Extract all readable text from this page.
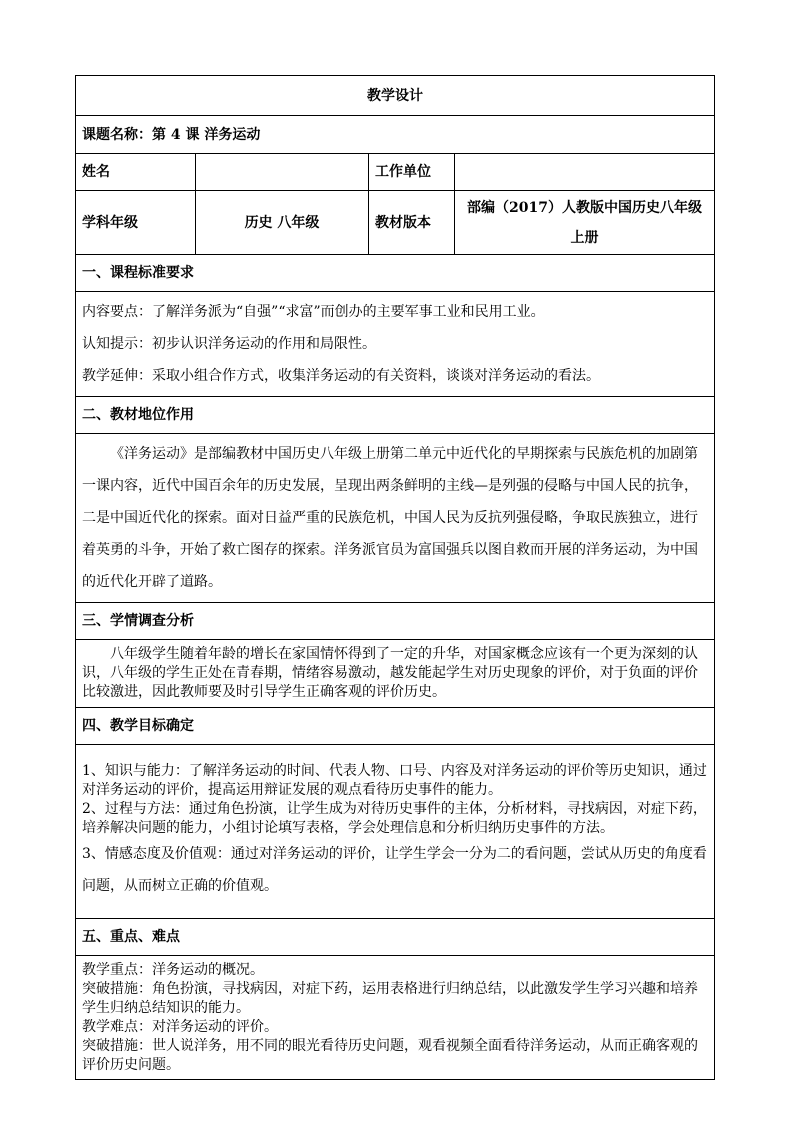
教学设计			
课题名称：第 4 课 洋务运动			
姓名		工作单位	
学科年级	历史 八年级	教材版本	部编（2017）人教版中国历史八年级上册
一、课程标准要求			

内容要点：了解洋务派为“自强”“求富”而创办的主要军事工业和民用工业。

认知提示：初步认识洋务运动的作用和局限性。

教学延伸：采取小组合作方式，收集洋务运动的有关资料，谈谈对洋务运动的看法。			

二、教材地位作用			

《洋务运动》是部编教材中国历史八年级上册第二单元中近代化的早期探索与民族危机的加剧第一课内容，近代中国百余年的历史发展，呈现出两条鲜明的主线—是列强的侵略与中国人民的抗争，二是中国近代化的探索。面对日益严重的民族危机，中国人民为反抗列强侵略，争取民族独立，进行着英勇的斗争，开始了救亡图存的探索。洋务派官员为富国强兵以图自救而开展的洋务运动，为中国的近代化开辟了道路。			

三、学情调查分析			

八年级学生随着年龄的增长在家国情怀得到了一定的升华，对国家概念应该有一个更为深刻的认识，八年级的学生正处在青春期，情绪容易激动，越发能起学生对历史现象的评价，对于负面的评价比较激进，因此教师要及时引导学生正确客观的评价历史。			

四、教学目标确定			

1、知识与能力：了解洋务运动的时间、代表人物、口号、内容及对洋务运动的评价等历史知识，通过对洋务运动的评价，提高运用辩证发展的观点看待历史事件的能力。

2、过程与方法：通过角色扮演，让学生成为对待历史事件的主体，分析材料，寻找病因，对症下药，培养解决问题的能力，小组讨论填写表格，学会处理信息和分析归纳历史事件的方法。

3、情感态度及价值观：通过对洋务运动的评价，让学生学会一分为二的看问题，尝试从历史的角度看问题，从而树立正确的价值观。			

五、重点、难点			

教学重点：洋务运动的概况。

突破措施：角色扮演，寻找病因，对症下药，运用表格进行归纳总结，以此激发学生学习兴趣和培养学生归纳总结知识的能力。

教学难点：对洋务运动的评价。

突破措施：世人说洋务，用不同的眼光看待历史问题，观看视频全面看待洋务运动，从而正确客观的评价历史问题。			
